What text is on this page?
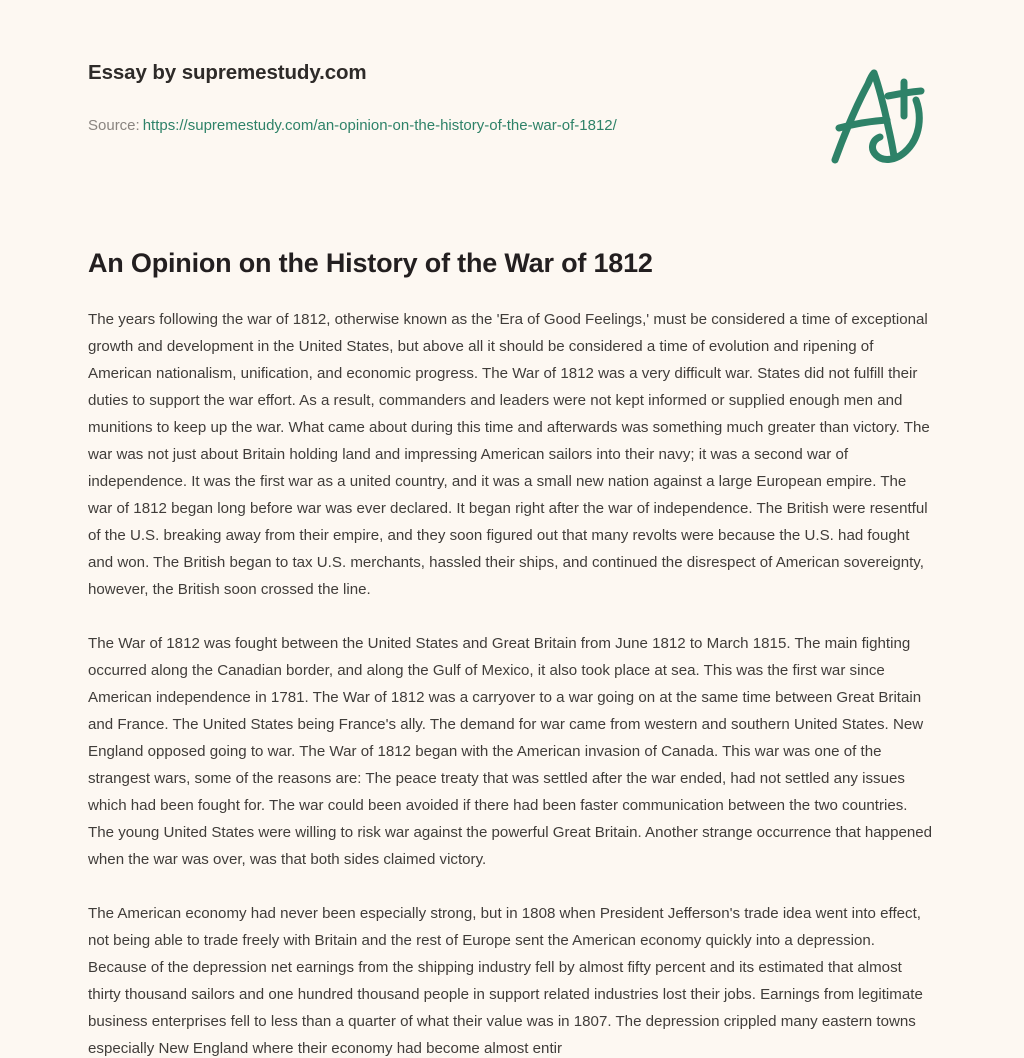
Essay by supremestudy.com
Source: https://supremestudy.com/an-opinion-on-the-history-of-the-war-of-1812/
An Opinion on the History of the War of 1812

The years following the war of 1812, otherwise known as the 'Era of Good Feelings,' must be considered a time of exceptional growth and development in the United States, but above all it should be considered a time of evolution and ripening of American nationalism, unification, and economic progress. The War of 1812 was a very difficult war. States did not fulfill their duties to support the war effort. As a result, commanders and leaders were not kept informed or supplied enough men and munitions to keep up the war. What came about during this time and afterwards was something much greater than victory. The war was not just about Britain holding land and impressing American sailors into their navy; it was a second war of independence. It was the first war as a united country, and it was a small new nation against a large European empire. The war of 1812 began long before war was ever declared. It began right after the war of independence. The British were resentful of the U.S. breaking away from their empire, and they soon figured out that many revolts were because the U.S. had fought and won. The British began to tax U.S. merchants, hassled their ships, and continued the disrespect of American sovereignty, however, the British soon crossed the line.

The War of 1812 was fought between the United States and Great Britain from June 1812 to March 1815. The main fighting occurred along the Canadian border, and along the Gulf of Mexico, it also took place at sea. This was the first war since American independence in 1781. The War of 1812 was a carryover to a war going on at the same time between Great Britain and France. The United States being France's ally. The demand for war came from western and southern United States. New England opposed going to war. The War of 1812 began with the American invasion of Canada. This war was one of the strangest wars, some of the reasons are: The peace treaty that was settled after the war ended, had not settled any issues which had been fought for. The war could been avoided if there had been faster communication between the two countries. The young United States were willing to risk war against the powerful Great Britain. Another strange occurrence that happened when the war was over, was that both sides claimed victory.

The American economy had never been especially strong, but in 1808 when President Jefferson's trade idea went into effect, not being able to trade freely with Britain and the rest of Europe sent the American economy quickly into a depression. Because of the depression net earnings from the shipping industry fell by almost fifty percent and its estimated that almost thirty thousand sailors and one hundred thousand people in support related industries lost their jobs. Earnings from legitimate business enterprises fell to less than a quarter of what their value was in 1807. The depression crippled many eastern towns especially New England where their economy had become almost entir
